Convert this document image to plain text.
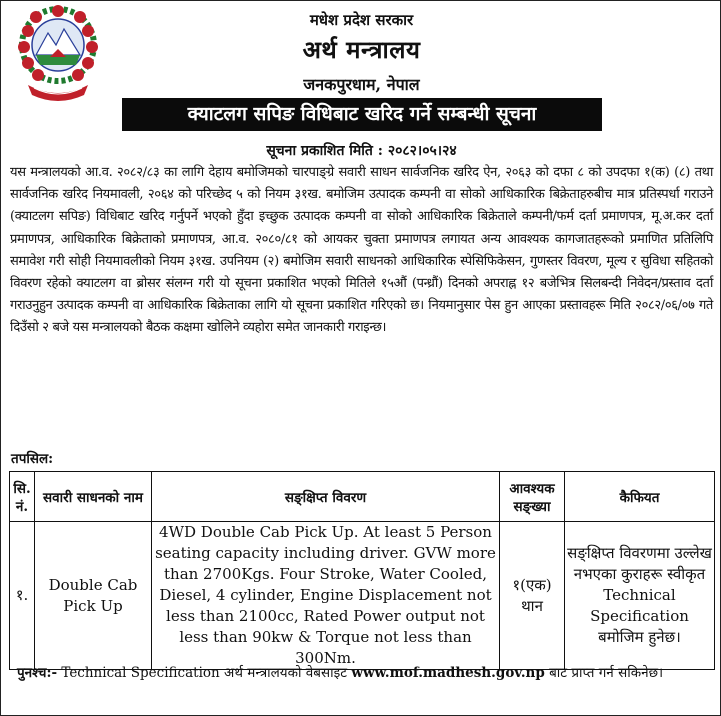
मधेश प्रदेश सरकार
अर्थ मन्त्रालय
जनकपुरधाम, नेपाल
क्याटलग सपिङ विधिबाट खरिद गर्ने सम्बन्धी सूचना
सूचना प्रकाशित मिति : २०८२।०५।२४
यस मन्त्रालयको आ.व. २०८२/८३ का लागि देहाय बमोजिमको चारपाङ्ग्रे सवारी साधन सार्वजनिक खरिद ऐन, २०६३ को दफा ८ को उपदफा १(क) (८) तथा सार्वजनिक खरिद नियमावली, २०६४ को परिच्छेद ५ को नियम ३१ख. बमोजिम उत्पादक कम्पनी वा सोको आधिकारिक बिक्रेताहरुबीच मात्र प्रतिस्पर्धा गराउने (क्याटलग सपिङ) विधिबाट खरिद गर्नुपर्ने भएको हुँदा इच्छुक उत्पादक कम्पनी वा सोको आधिकारिक बिक्रेताले कम्पनी/फर्म दर्ता प्रमाणपत्र, मू.अ.कर दर्ता प्रमाणपत्र, आधिकारिक बिक्रेताको प्रमाणपत्र, आ.व. २०८०/८१ को आयकर चुक्ता प्रमाणपत्र लगायत अन्य आवश्यक कागजातहरूको प्रमाणित प्रतिलिपि समावेश गरी सोही नियमावलीको नियम ३१ख. उपनियम (२) बमोजिम सवारी साधनको आधिकारिक स्पेसिफिकेसन, गुणस्तर विवरण, मूल्य र सुविधा सहितको विवरण रहेको क्याटलग वा ब्रोसर संलग्न गरी यो सूचना प्रकाशित भएको मितिले १५औं (पन्ध्रौं) दिनको अपराह्न १२ बजेभित्र सिलबन्दी निवेदन/प्रस्ताव दर्ता गराउनुहुन उत्पादक कम्पनी वा आधिकारिक बिक्रेताका लागि यो सूचना प्रकाशित गरिएको छ। नियमानुसार पेस हुन आएका प्रस्तावहरू मिति २०८२/०६/०७ गते दिउँसो २ बजे यस मन्त्रालयको बैठक कक्षमा खोलिने व्यहोरा समेत जानकारी गराइन्छ।
तपसिल:
सि. नं.	सवारी साधनको नाम	सङ्क्षिप्त विवरण	आवश्यक सङ्ख्या	कैफियत
१.	Double Cab Pick Up	4WD Double Cab Pick Up. At least 5 Person seating capacity including driver. GVW more than 2700Kgs. Four Stroke, Water Cooled, Diesel, 4 cylinder, Engine Displacement not less than 2100cc, Rated Power output not less than 90kw & Torque not less than 300Nm.	१(एक) थान	सङ्क्षिप्त विवरणमा उल्लेख नभएका कुराहरू स्वीकृत Technical Specification बमोजिम हुनेछ।
पुनश्च:- Technical Specification अर्थ मन्त्रालयको वेबसाइट www.mof.madhesh.gov.np बाट प्राप्त गर्न सकिनेछ।
